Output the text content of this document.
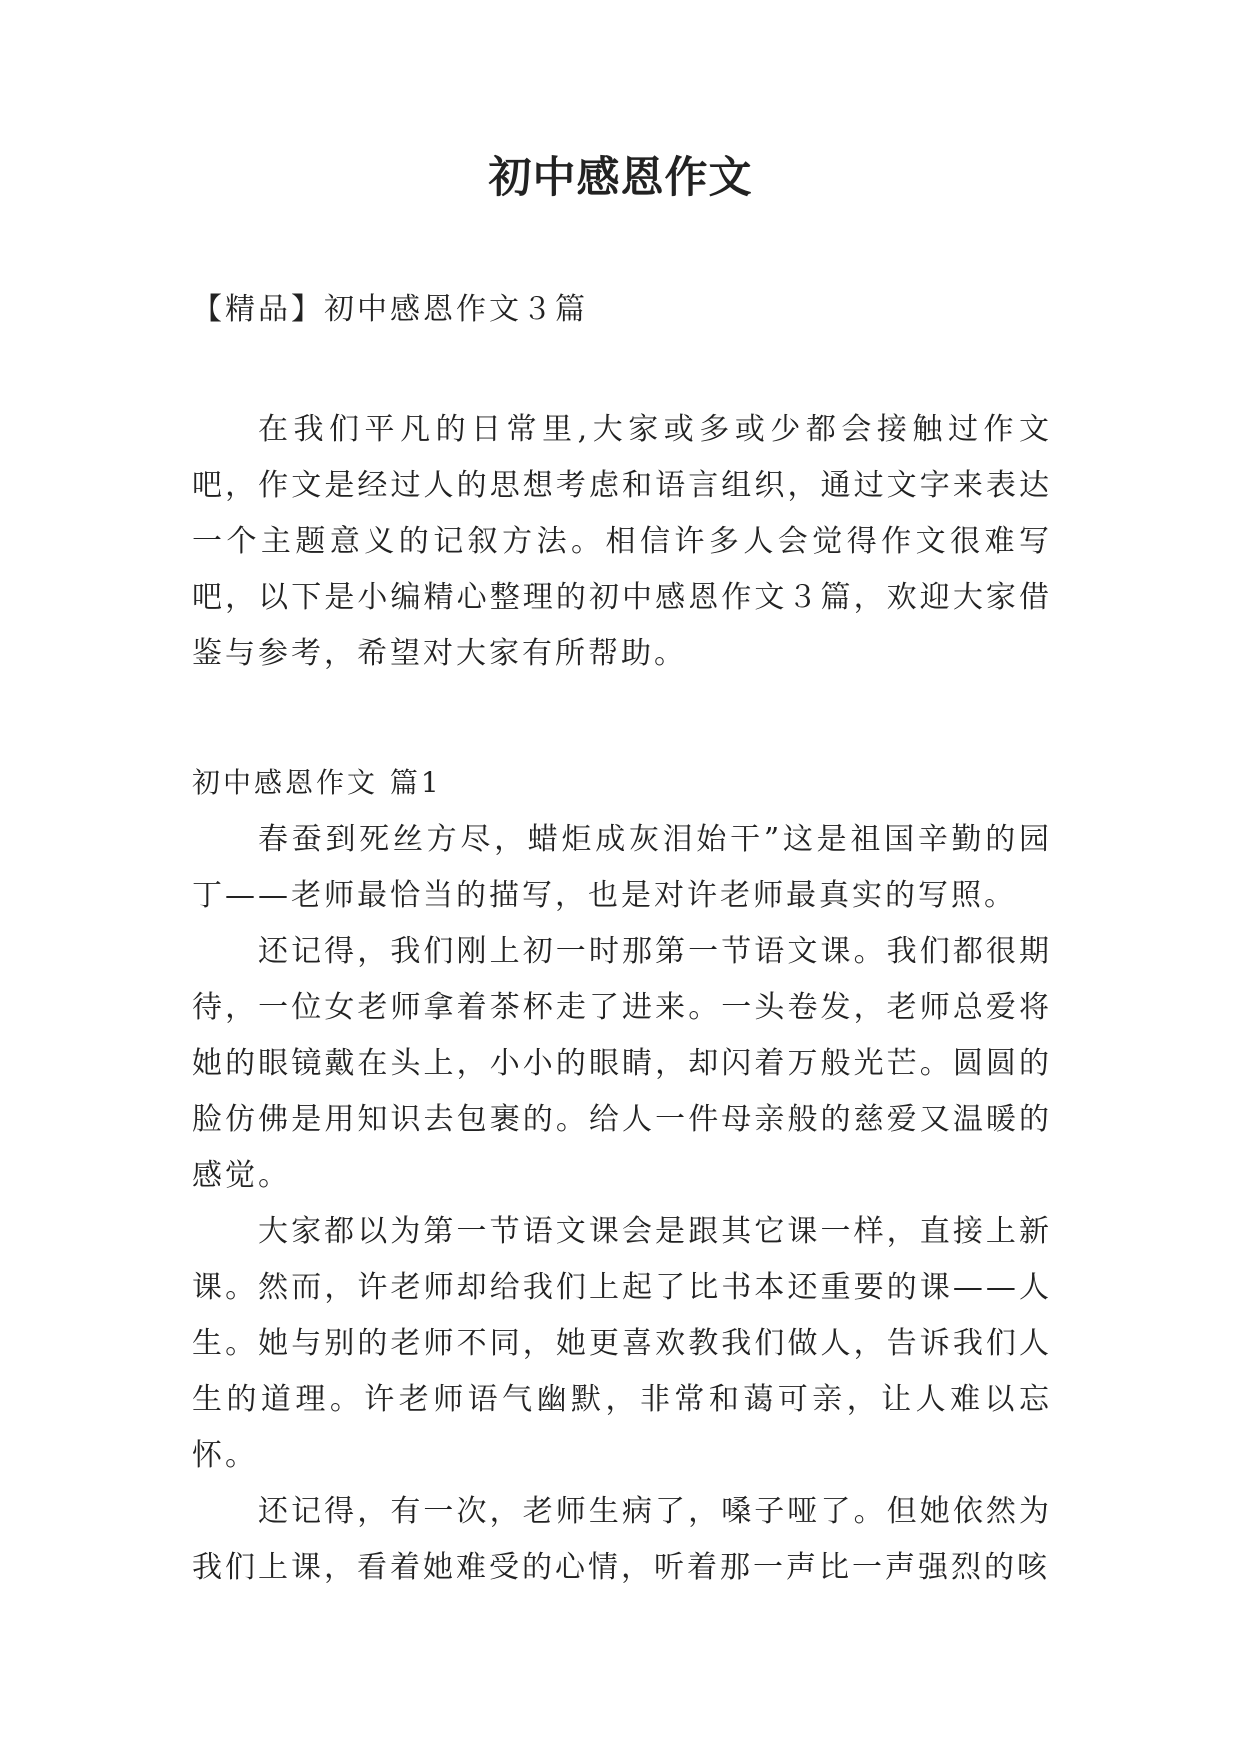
初中感恩作文
【精品】初中感恩作文３篇

在我们平凡的日常里,大家或多或少都会接触过作文吧，作文是经过人的思想考虑和语言组织，通过文字来表达一个主题意义的记叙方法。相信许多人会觉得作文很难写吧，以下是小编精心整理的初中感恩作文３篇，欢迎大家借鉴与参考，希望对大家有所帮助。

初中感恩作文 篇1

春蚕到死丝方尽，蜡炬成灰泪始干”这是祖国辛勤的园丁——老师最恰当的描写，也是对许老师最真实的写照。

还记得，我们刚上初一时那第一节语文课。我们都很期待，一位女老师拿着茶杯走了进来。一头卷发，老师总爱将她的眼镜戴在头上，小小的眼睛，却闪着万般光芒。圆圆的脸仿佛是用知识去包裹的。给人一件母亲般的慈爱又温暖的感觉。

大家都以为第一节语文课会是跟其它课一样，直接上新课。然而，许老师却给我们上起了比书本还重要的课——人生。她与别的老师不同，她更喜欢教我们做人，告诉我们人生的道理。许老师语气幽默，非常和蔼可亲，让人难以忘怀。

还记得，有一次，老师生病了，嗓子哑了。但她依然为我们上课，看着她难受的心情，听着那一声比一声强烈的咳
